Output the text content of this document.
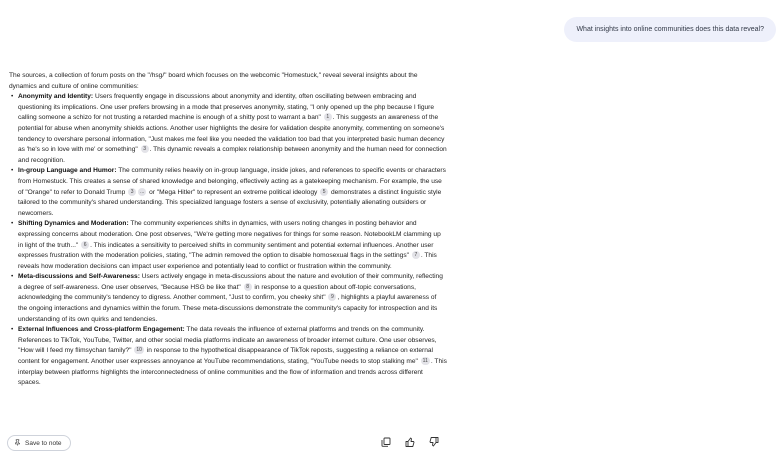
What insights into online communities does this data reveal?

The sources, a collection of forum posts on the "/hsg/" board which focuses on the webcomic "Homestuck," reveal several insights about the dynamics and culture of online communities:

• Anonymity and Identity: Users frequently engage in discussions about anonymity and identity, often oscillating between embracing and questioning its implications. One user prefers browsing in a mode that preserves anonymity, stating, "I only opened up the php because I figure calling someone a schizo for not trusting a retarded machine is enough of a shitty post to warrant a ban" 1 . This suggests an awareness of the potential for abuse when anonymity shields actions. Another user highlights the desire for validation despite anonymity, commenting on someone's tendency to overshare personal information, "Just makes me feel like you needed the validation too bad that you interpreted basic human decency as 'he's so in love with me' or something" 3 . This dynamic reveals a complex relationship between anonymity and the human need for connection and recognition.
• In-group Language and Humor: The community relies heavily on in-group language, inside jokes, and references to specific events or characters from Homestuck. This creates a sense of shared knowledge and belonging, effectively acting as a gatekeeping mechanism. For example, the use of "Orange" to refer to Donald Trump 3 ... or "Mega Hitler" to represent an extreme political ideology 5 demonstrates a distinct linguistic style tailored to the community's shared understanding. This specialized language fosters a sense of exclusivity, potentially alienating outsiders or newcomers.
• Shifting Dynamics and Moderation: The community experiences shifts in dynamics, with users noting changes in posting behavior and expressing concerns about moderation. One post observes, "We're getting more negatives for things for some reason. NotebookLM clamming up in light of the truth..." 6 . This indicates a sensitivity to perceived shifts in community sentiment and potential external influences. Another user expresses frustration with the moderation policies, stating, "The admin removed the option to disable homosexual flags in the settings" 7 . This reveals how moderation decisions can impact user experience and potentially lead to conflict or frustration within the community.
• Meta-discussions and Self-Awareness: Users actively engage in meta-discussions about the nature and evolution of their community, reflecting a degree of self-awareness. One user observes, "Because HSG be like that" 8 in response to a question about off-topic conversations, acknowledging the community's tendency to digress. Another comment, "Just to confirm, you cheeky shit" 9 , highlights a playful awareness of the ongoing interactions and dynamics within the forum. These meta-discussions demonstrate the community's capacity for introspection and its understanding of its own quirks and tendencies.
• External Influences and Cross-platform Engagement: The data reveals the influence of external platforms and trends on the community. References to TikTok, YouTube, Twitter, and other social media platforms indicate an awareness of broader internet culture. One user observes, "How will I feed my flimsychan family?" 10 in response to the hypothetical disappearance of TikTok reposts, suggesting a reliance on external content for engagement. Another user expresses annoyance at YouTube recommendations, stating, "YouTube needs to stop stalking me" 11 . This interplay between platforms highlights the interconnectedness of online communities and the flow of information and trends across different spaces.
Save to note
